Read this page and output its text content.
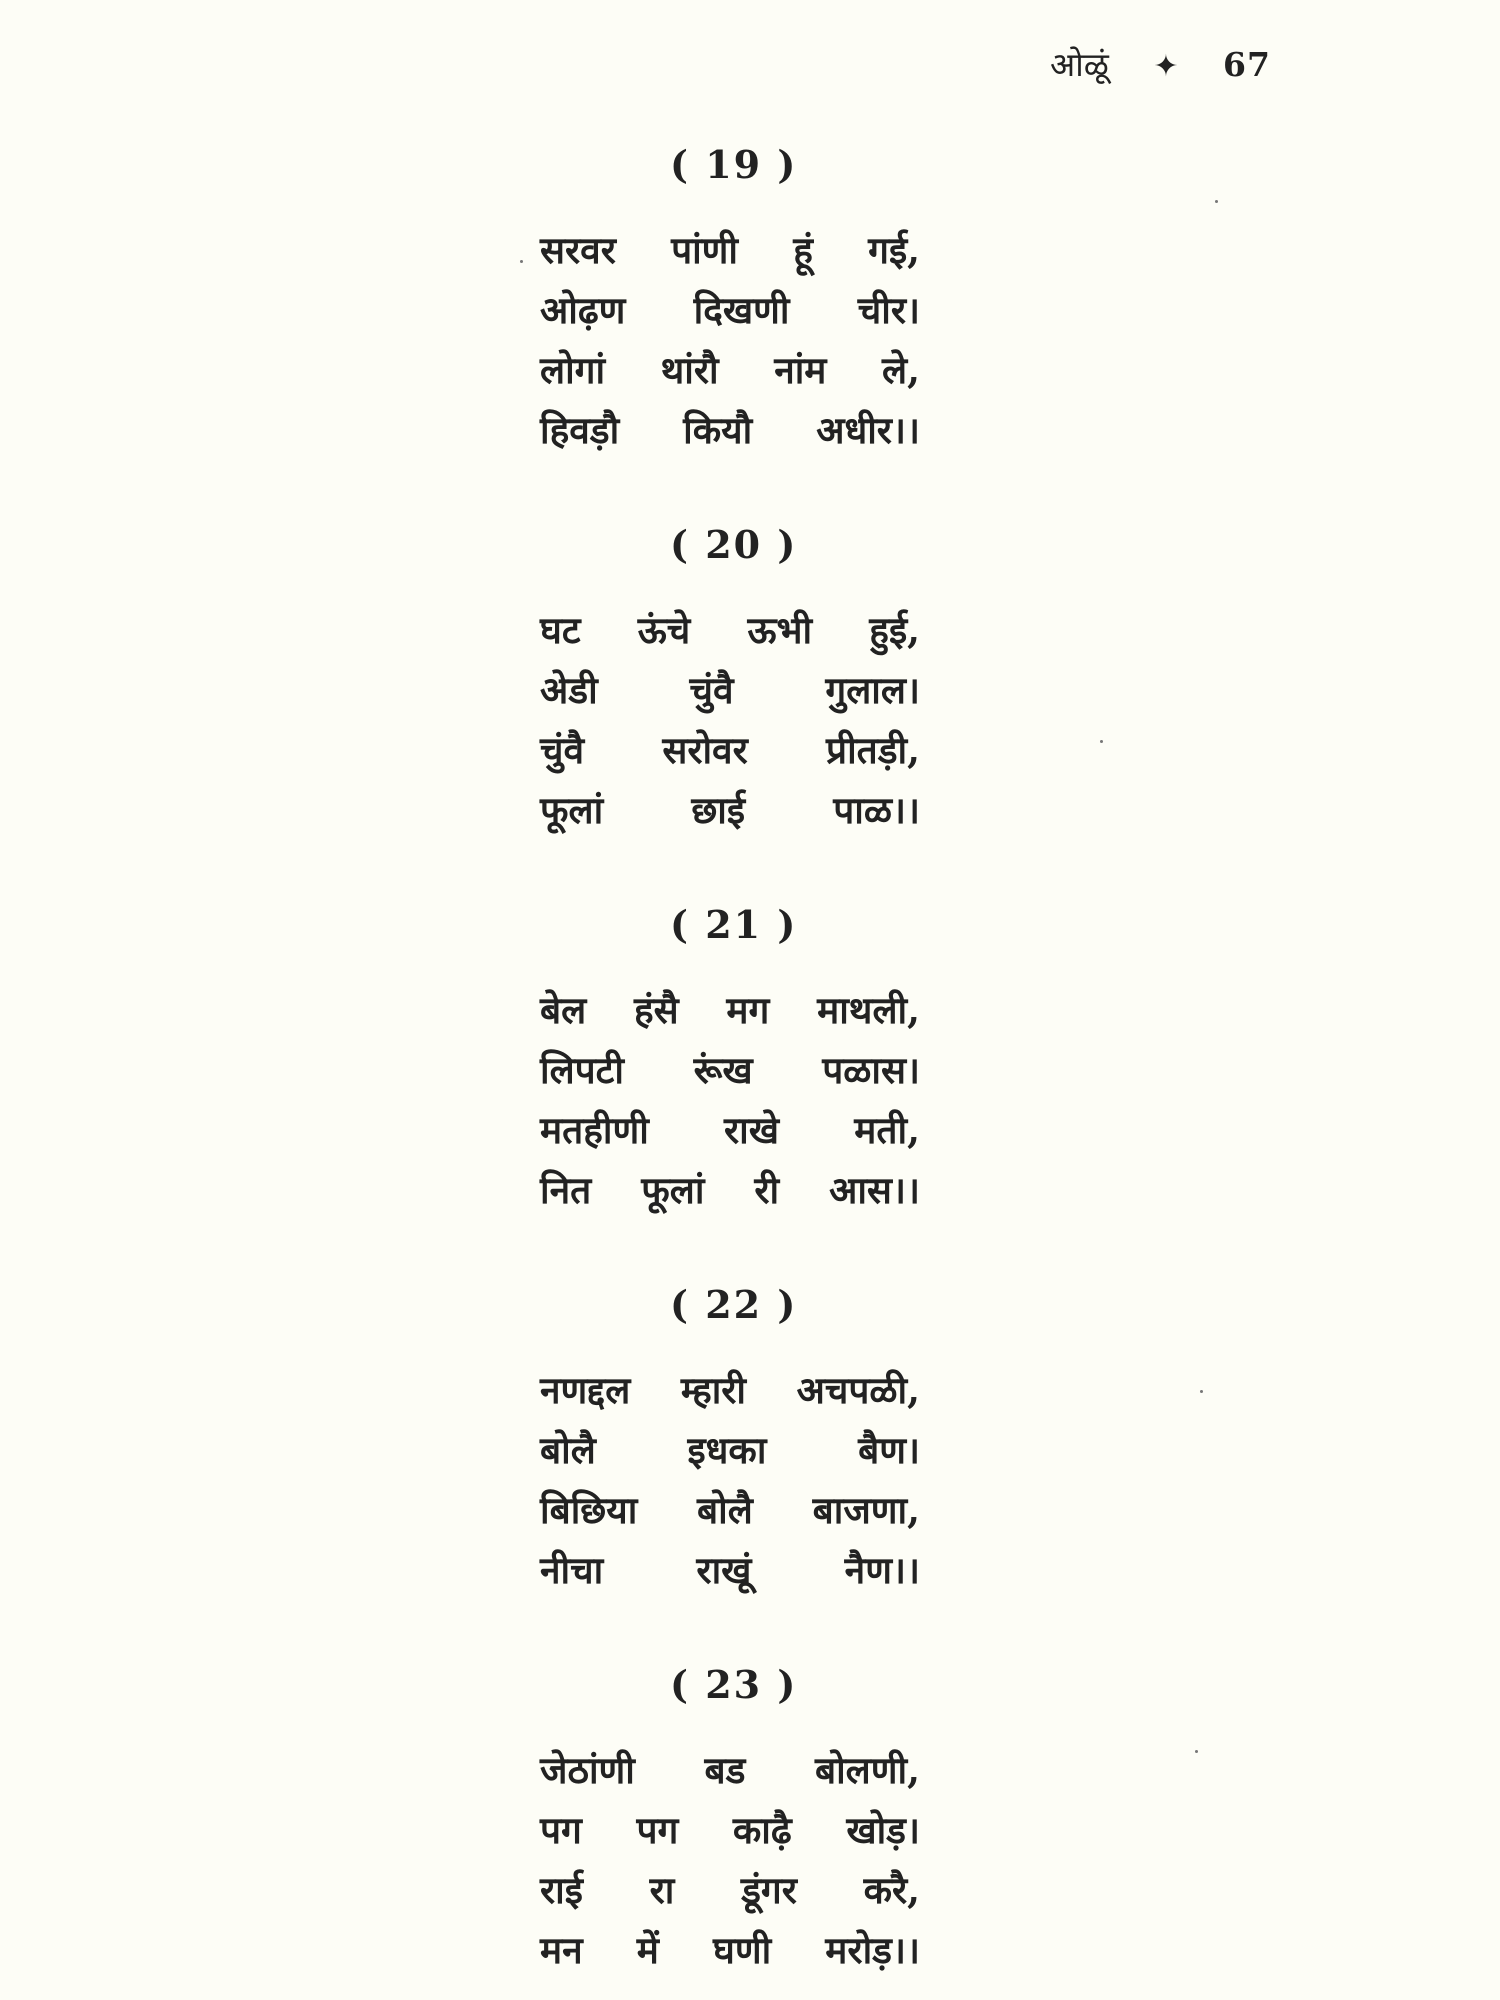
ओळूं ✦ 67
( 19 )
सरवर पांणी हूं गई,
ओढ़ण दिखणी चीर।
लोगां थांरौ नांम ले,
हिवड़ौ कियौ अधीर।।
( 20 )
घट ऊंचे ऊभी हुई,
अेडी चुंवै गुलाल।
चुंवै सरोवर प्रीतड़ी,
फूलां छाई पाळ।।
( 21 )
बेल हंसै मग माथली,
लिपटी रूंख पळास।
मतहीणी राखे मती,
नित फूलां री आस।।
( 22 )
नणद्दल म्हारी अचपळी,
बोलै इधका बैण।
बिछिया बोलै बाजणा,
नीचा राखूं नैण।।
( 23 )
जेठांणी बड बोलणी,
पग पग काढ़ै खोड़।
राई रा डूंगर करै,
मन में घणी मरोड़।।
